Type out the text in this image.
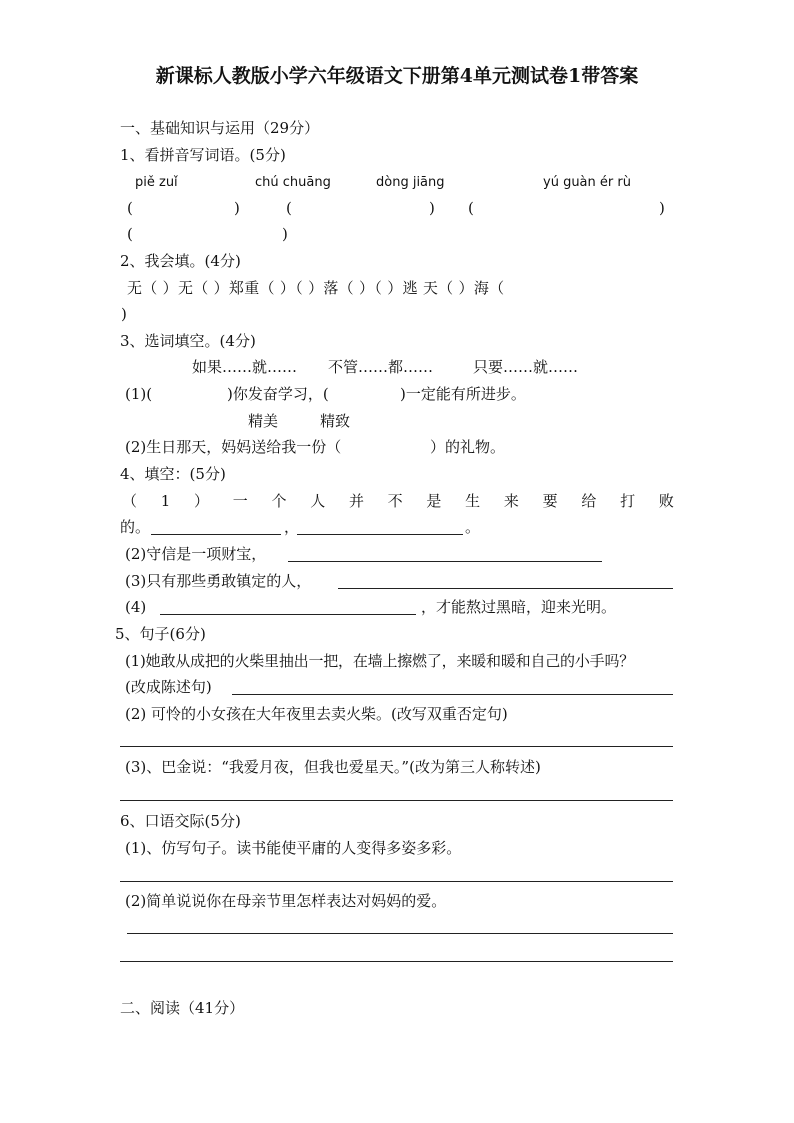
新课标人教版小学六年级语文下册第4单元测试卷1带答案
一、基础知识与运用（29分）
1、看拼音写词语。(5分)
piě zuǐ	chú chuāng	dòng jiāng	yú guàn ér rù
(	)	(	) (	)
(	)
2、我会填。(4分)
无（ ）无（ ）郑重（ ）（ ）落（ ）（ ）逃 天（ ）海（
)
3、选词填空。(4分)
如果……就…… 不管……都……	只要……就……
(1)(	)你发奋学习，(	)一定能有所进步。
精美	精致
(2)生日那天，妈妈送给我一份（	）的礼物。
4、填空：(5分)
（ 1 ） 一 个 人 并 不 是 生 来 要 给 打 败
的。	，	。
(2)守信是一项财宝，
(3)只有那些勇敢镇定的人，
(4)	，才能熬过黑暗，迎来光明。
5、句子(6分)
(1)她敢从成把的火柴里抽出一把，在墙上擦燃了，来暖和暖和自己的小手吗？
(改成陈述句)
(2) 可怜的小女孩在大年夜里去卖火柴。(改写双重否定句)
(3)、巴金说：“我爱月夜，但我也爱星天。”(改为第三人称转述)
6、口语交际(5分)
(1)、仿写句子。读书能使平庸的人变得多姿多彩。
(2)简单说说你在母亲节里怎样表达对妈妈的爱。
二、阅读（41分）
